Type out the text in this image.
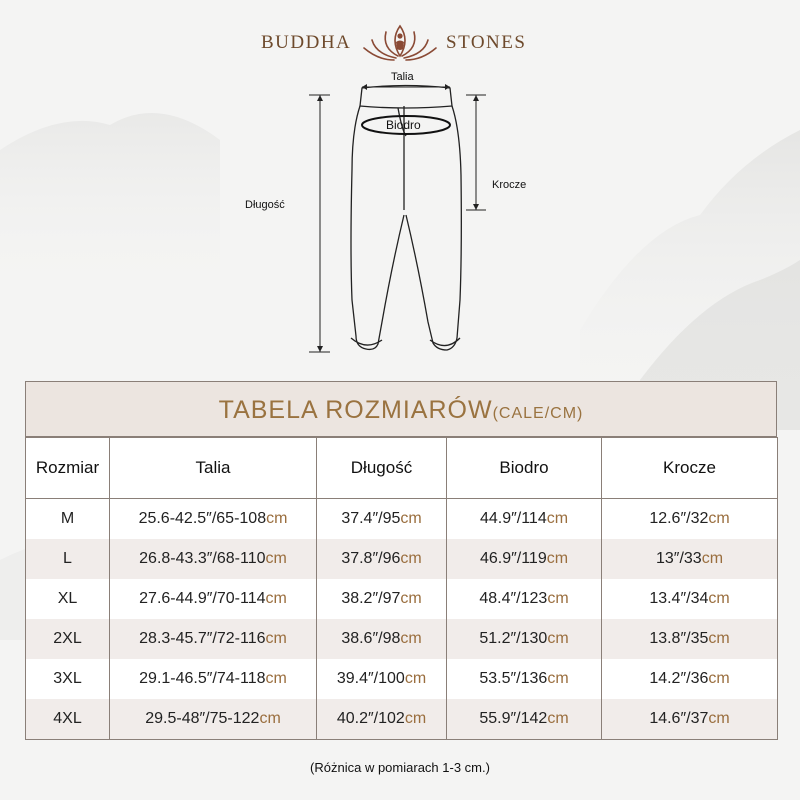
BUDDHA	STONES
Talia
Biodro
Długość
Krocze
TABELA ROZMIARÓW(CALE/CM)
Rozmiar	Talia	Długość	Biodro	Krocze
M	25.6-42.5″/65-108cm	37.4″/95cm	44.9″/114cm	12.6″/32cm
L	26.8-43.3″/68-110cm	37.8″/96cm	46.9″/119cm	13″/33cm
XL	27.6-44.9″/70-114cm	38.2″/97cm	48.4″/123cm	13.4″/34cm
2XL	28.3-45.7″/72-116cm	38.6″/98cm	51.2″/130cm	13.8″/35cm
3XL	29.1-46.5″/74-118cm	39.4″/100cm	53.5″/136cm	14.2″/36cm
4XL	29.5-48″/75-122cm	40.2″/102cm	55.9″/142cm	14.6″/37cm
(Różnica w pomiarach 1-3 cm.)
